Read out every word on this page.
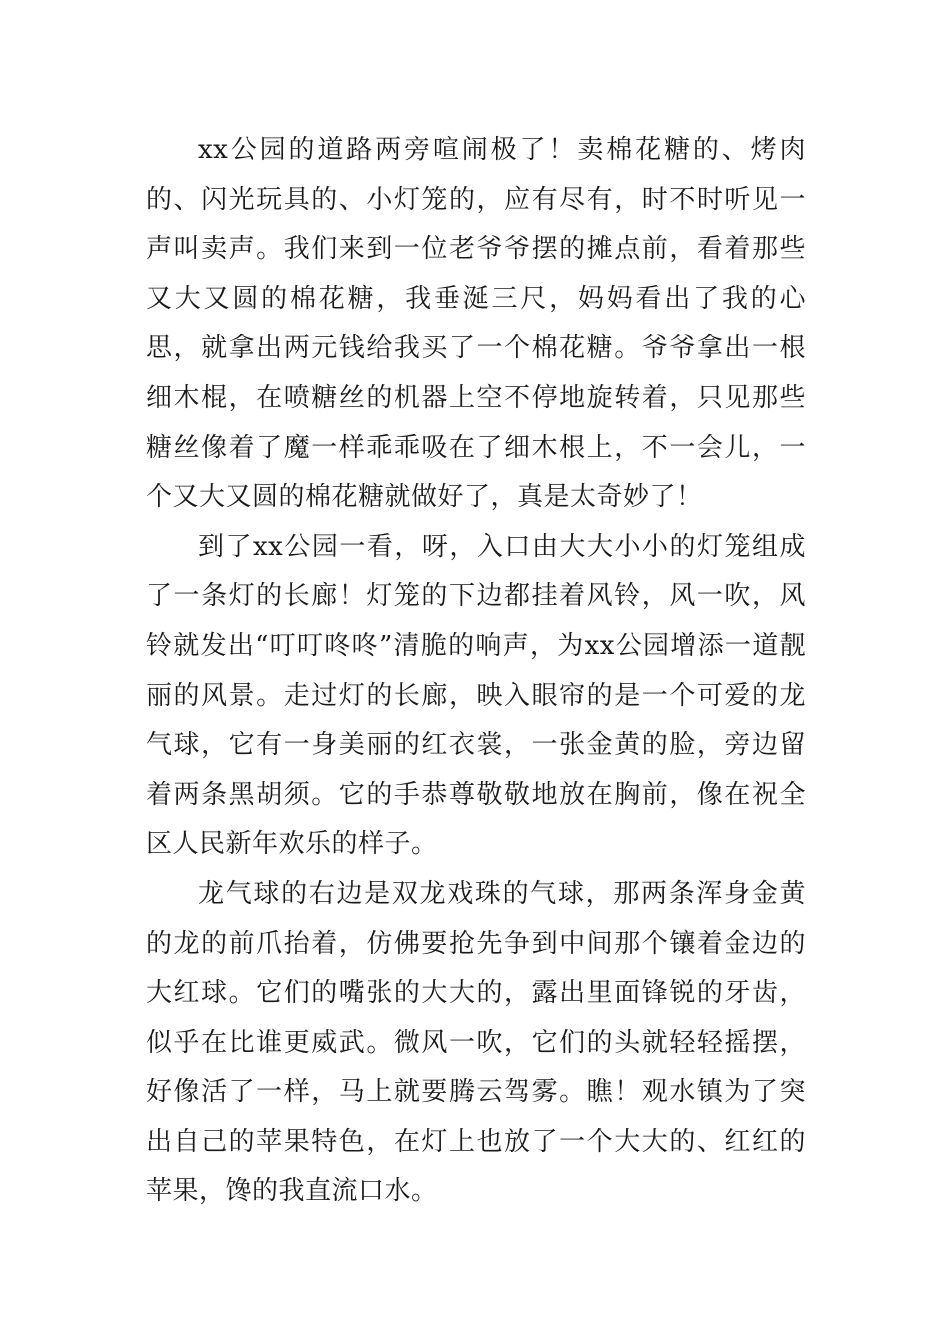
xx公园的道路两旁喧闹极了！卖棉花糖的、烤肉的、闪光玩具的、小灯笼的，应有尽有，时不时听见一声叫卖声。我们来到一位老爷爷摆的摊点前，看着那些又大又圆的棉花糖，我垂涎三尺，妈妈看出了我的心思，就拿出两元钱给我买了一个棉花糖。爷爷拿出一根细木棍，在喷糖丝的机器上空不停地旋转着，只见那些糖丝像着了魔一样乖乖吸在了细木根上，不一会儿，一个又大又圆的棉花糖就做好了，真是太奇妙了！

到了xx公园一看，呀，入口由大大小小的灯笼组成了一条灯的长廊！灯笼的下边都挂着风铃，风一吹，风铃就发出“叮叮咚咚”清脆的响声，为xx公园增添一道靓丽的风景。走过灯的长廊，映入眼帘的是一个可爱的龙气球，它有一身美丽的红衣裳，一张金黄的脸，旁边留着两条黑胡须。它的手恭尊敬敬地放在胸前，像在祝全区人民新年欢乐的样子。

龙气球的右边是双龙戏珠的气球，那两条浑身金黄的龙的前爪抬着，仿佛要抢先争到中间那个镶着金边的大红球。它们的嘴张的大大的，露出里面锋锐的牙齿，似乎在比谁更威武。微风一吹，它们的头就轻轻摇摆，好像活了一样，马上就要腾云驾雾。瞧！观水镇为了突出自己的苹果特色，在灯上也放了一个大大的、红红的苹果，馋的我直流口水。
